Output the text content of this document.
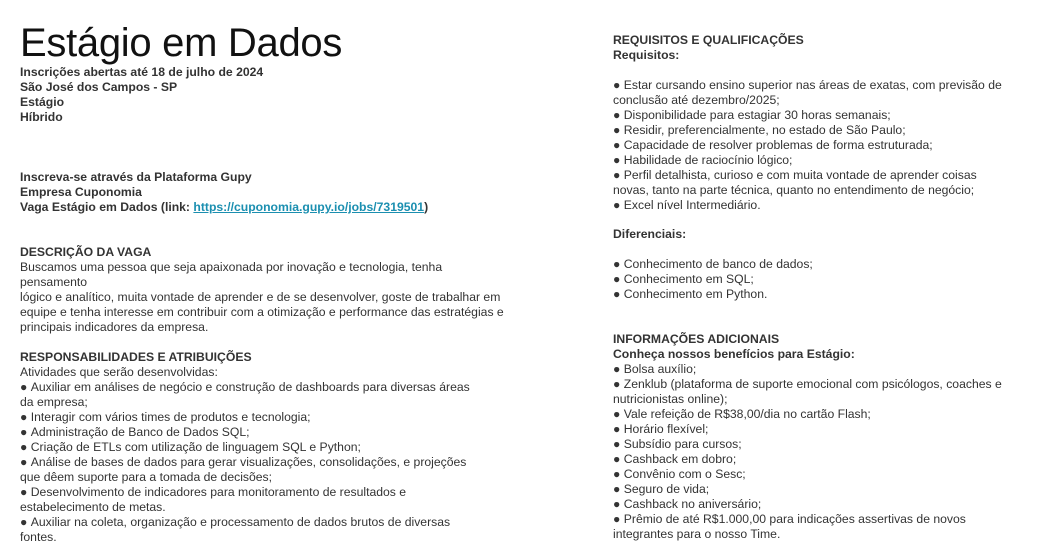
Estágio em Dados
Inscrições abertas até 18 de julho de 2024
São José dos Campos - SP
Estágio
Híbrido
Inscreva-se através da Plataforma Gupy
Empresa Cuponomia
Vaga Estágio em Dados (link: https://cuponomia.gupy.io/jobs/7319501)
DESCRIÇÃO DA VAGA
Buscamos uma pessoa que seja apaixonada por inovação e tecnologia, tenha
pensamento
lógico e analítico, muita vontade de aprender e de se desenvolver, goste de trabalhar em
equipe e tenha interesse em contribuir com a otimização e performance das estratégias e
principais indicadores da empresa.
RESPONSABILIDADES E ATRIBUIÇÕES
Atividades que serão desenvolvidas:
● Auxiliar em análises de negócio e construção de dashboards para diversas áreas
da empresa;
● Interagir com vários times de produtos e tecnologia;
● Administração de Banco de Dados SQL;
● Criação de ETLs com utilização de linguagem SQL e Python;
● Análise de bases de dados para gerar visualizações, consolidações, e projeções
que dêem suporte para a tomada de decisões;
● Desenvolvimento de indicadores para monitoramento de resultados e
estabelecimento de metas.
● Auxiliar na coleta, organização e processamento de dados brutos de diversas
fontes.
REQUISITOS E QUALIFICAÇÕES
Requisitos:
● Estar cursando ensino superior nas áreas de exatas, com previsão de
conclusão até dezembro/2025;
● Disponibilidade para estagiar 30 horas semanais;
● Residir, preferencialmente, no estado de São Paulo;
● Capacidade de resolver problemas de forma estruturada;
● Habilidade de raciocínio lógico;
● Perfil detalhista, curioso e com muita vontade de aprender coisas
novas, tanto na parte técnica, quanto no entendimento de negócio;
● Excel nível Intermediário.
Diferenciais:
● Conhecimento de banco de dados;
● Conhecimento em SQL;
● Conhecimento em Python.
INFORMAÇÕES ADICIONAIS
Conheça nossos benefícios para Estágio:
● Bolsa auxílio;
● Zenklub (plataforma de suporte emocional com psicólogos, coaches e
nutricionistas online);
● Vale refeição de R$38,00/dia no cartão Flash;
● Horário flexível;
● Subsídio para cursos;
● Cashback em dobro;
● Convênio com o Sesc;
● Seguro de vida;
● Cashback no aniversário;
● Prêmio de até R$1.000,00 para indicações assertivas de novos
integrantes para o nosso Time.
